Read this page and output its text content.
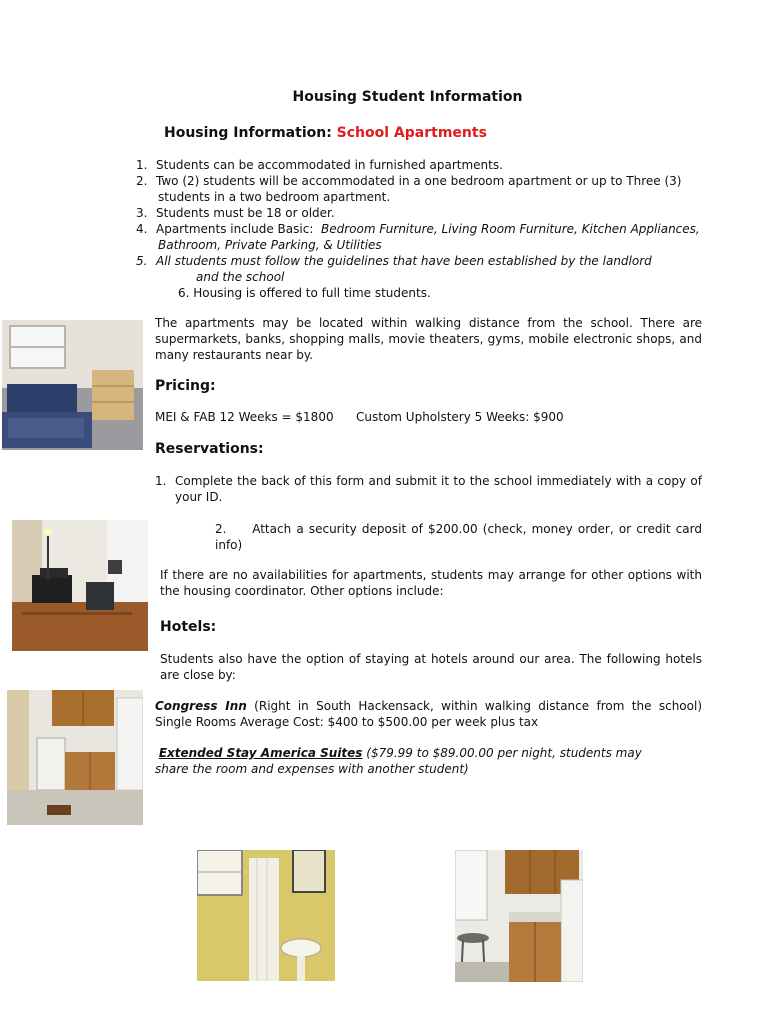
Housing Student Information
Housing Information: School Apartments
1. Students can be accommodated in furnished apartments.
2. Two (2) students will be accommodated in a one bedroom apartment or up to Three (3)
students in a two bedroom apartment.
3. Students must be 18 or older.
4. Apartments include Basic: Bedroom Furniture, Living Room Furniture, Kitchen Appliances,
Bathroom, Private Parking, & Utilities
5. All students must follow the guidelines that have been established by the landlord
and the school
6. Housing is offered to full time students.
The apartments may be located within walking distance from the school. There are supermarkets, banks, shopping malls, movie theaters, gyms, mobile electronic shops, and many restaurants near by.
Pricing:
MEI & FAB 12 Weeks = $1800 Custom Upholstery 5 Weeks: $900
Reservations:
1. Complete the back of this form and submit it to the school immediately with a copy of your ID.
2. Attach a security deposit of $200.00 (check, money order, or credit card info)
If there are no availabilities for apartments, students may arrange for other options with the housing coordinator. Other options include:
Hotels:
Students also have the option of staying at hotels around our area. The following hotels are close by:
Congress Inn (Right in South Hackensack, within walking distance from the school) Single Rooms Average Cost: $400 to $500.00 per week plus tax
Extended Stay America Suites ($79.99 to $89.00.00 per night, students may share the room and expenses with another student)
